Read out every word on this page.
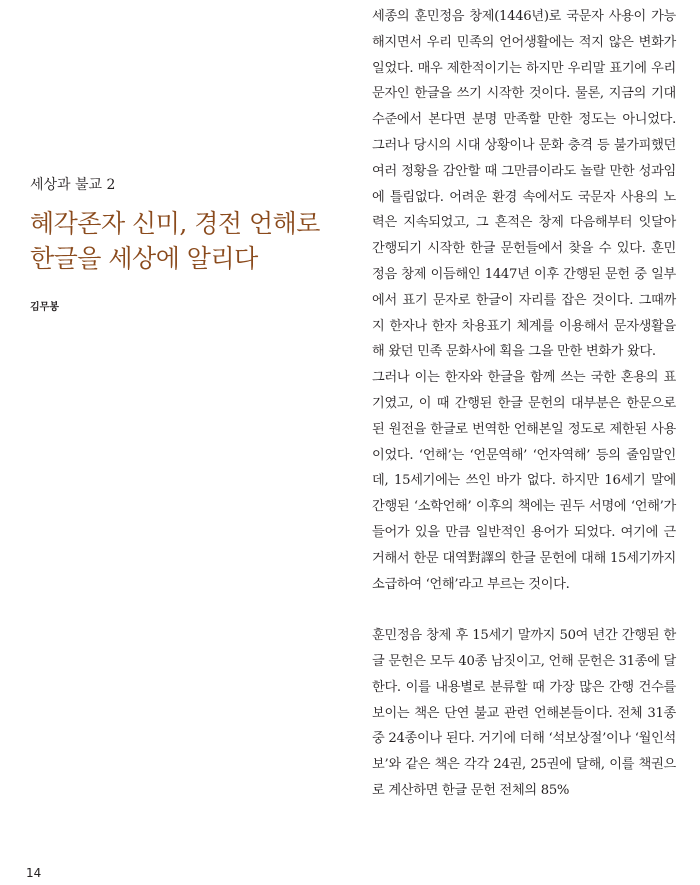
세상과 불교 2

혜각존자 신미, 경전 언해로
한글을 세상에 알리다
김무봉

세종의 훈민정음 창제(1446년)로 국문자 사용이 가능해지면서 우리 민족의 언어생활에는 적지 않은 변화가 일었다. 매우 제한적이기는 하지만 우리말 표기에 우리 문자인 한글을 쓰기 시작한 것이다. 물론, 지금의 기대 수준에서 본다면 분명 만족할 만한 정도는 아니었다. 그러나 당시의 시대 상황이나 문화 충격 등 불가피했던 여러 정황을 감안할 때 그만큼이라도 놀랄 만한 성과임에 틀림없다. 어려운 환경 속에서도 국문자 사용의 노력은 지속되었고, 그 흔적은 창제 다음해부터 잇달아 간행되기 시작한 한글 문헌들에서 찾을 수 있다. 훈민정음 창제 이듬해인 1447년 이후 간행된 문헌 중 일부에서 표기 문자로 한글이 자리를 잡은 것이다. 그때까지 한자나 한자 차용표기 체계를 이용해서 문자생활을 해 왔던 민족 문화사에 획을 그을 만한 변화가 왔다.

그러나 이는 한자와 한글을 함께 쓰는 국한 혼용의 표기였고, 이 때 간행된 한글 문헌의 대부분은 한문으로 된 원전을 한글로 번역한 언해본일 정도로 제한된 사용이었다. ‘언해’는 ‘언문역해’ ‘언자역해’ 등의 줄임말인데, 15세기에는 쓰인 바가 없다. 하지만 16세기 말에 간행된 ‘소학언해’ 이후의 책에는 권두 서명에 ‘언해’가 들어가 있을 만큼 일반적인 용어가 되었다. 여기에 근거해서 한문 대역對譯의 한글 문헌에 대해 15세기까지 소급하여 ‘언해’라고 부르는 것이다.

훈민정음 창제 후 15세기 말까지 50여 년간 간행된 한글 문헌은 모두 40종 남짓이고, 언해 문헌은 31종에 달한다. 이를 내용별로 분류할 때 가장 많은 간행 건수를 보이는 책은 단연 불교 관련 언해본들이다. 전체 31종 중 24종이나 된다. 거기에 더해 ‘석보상절’이나 ‘월인석보’와 같은 책은 각각 24권, 25권에 달해, 이를 책권으로 계산하면 한글 문헌 전체의 85%

14
